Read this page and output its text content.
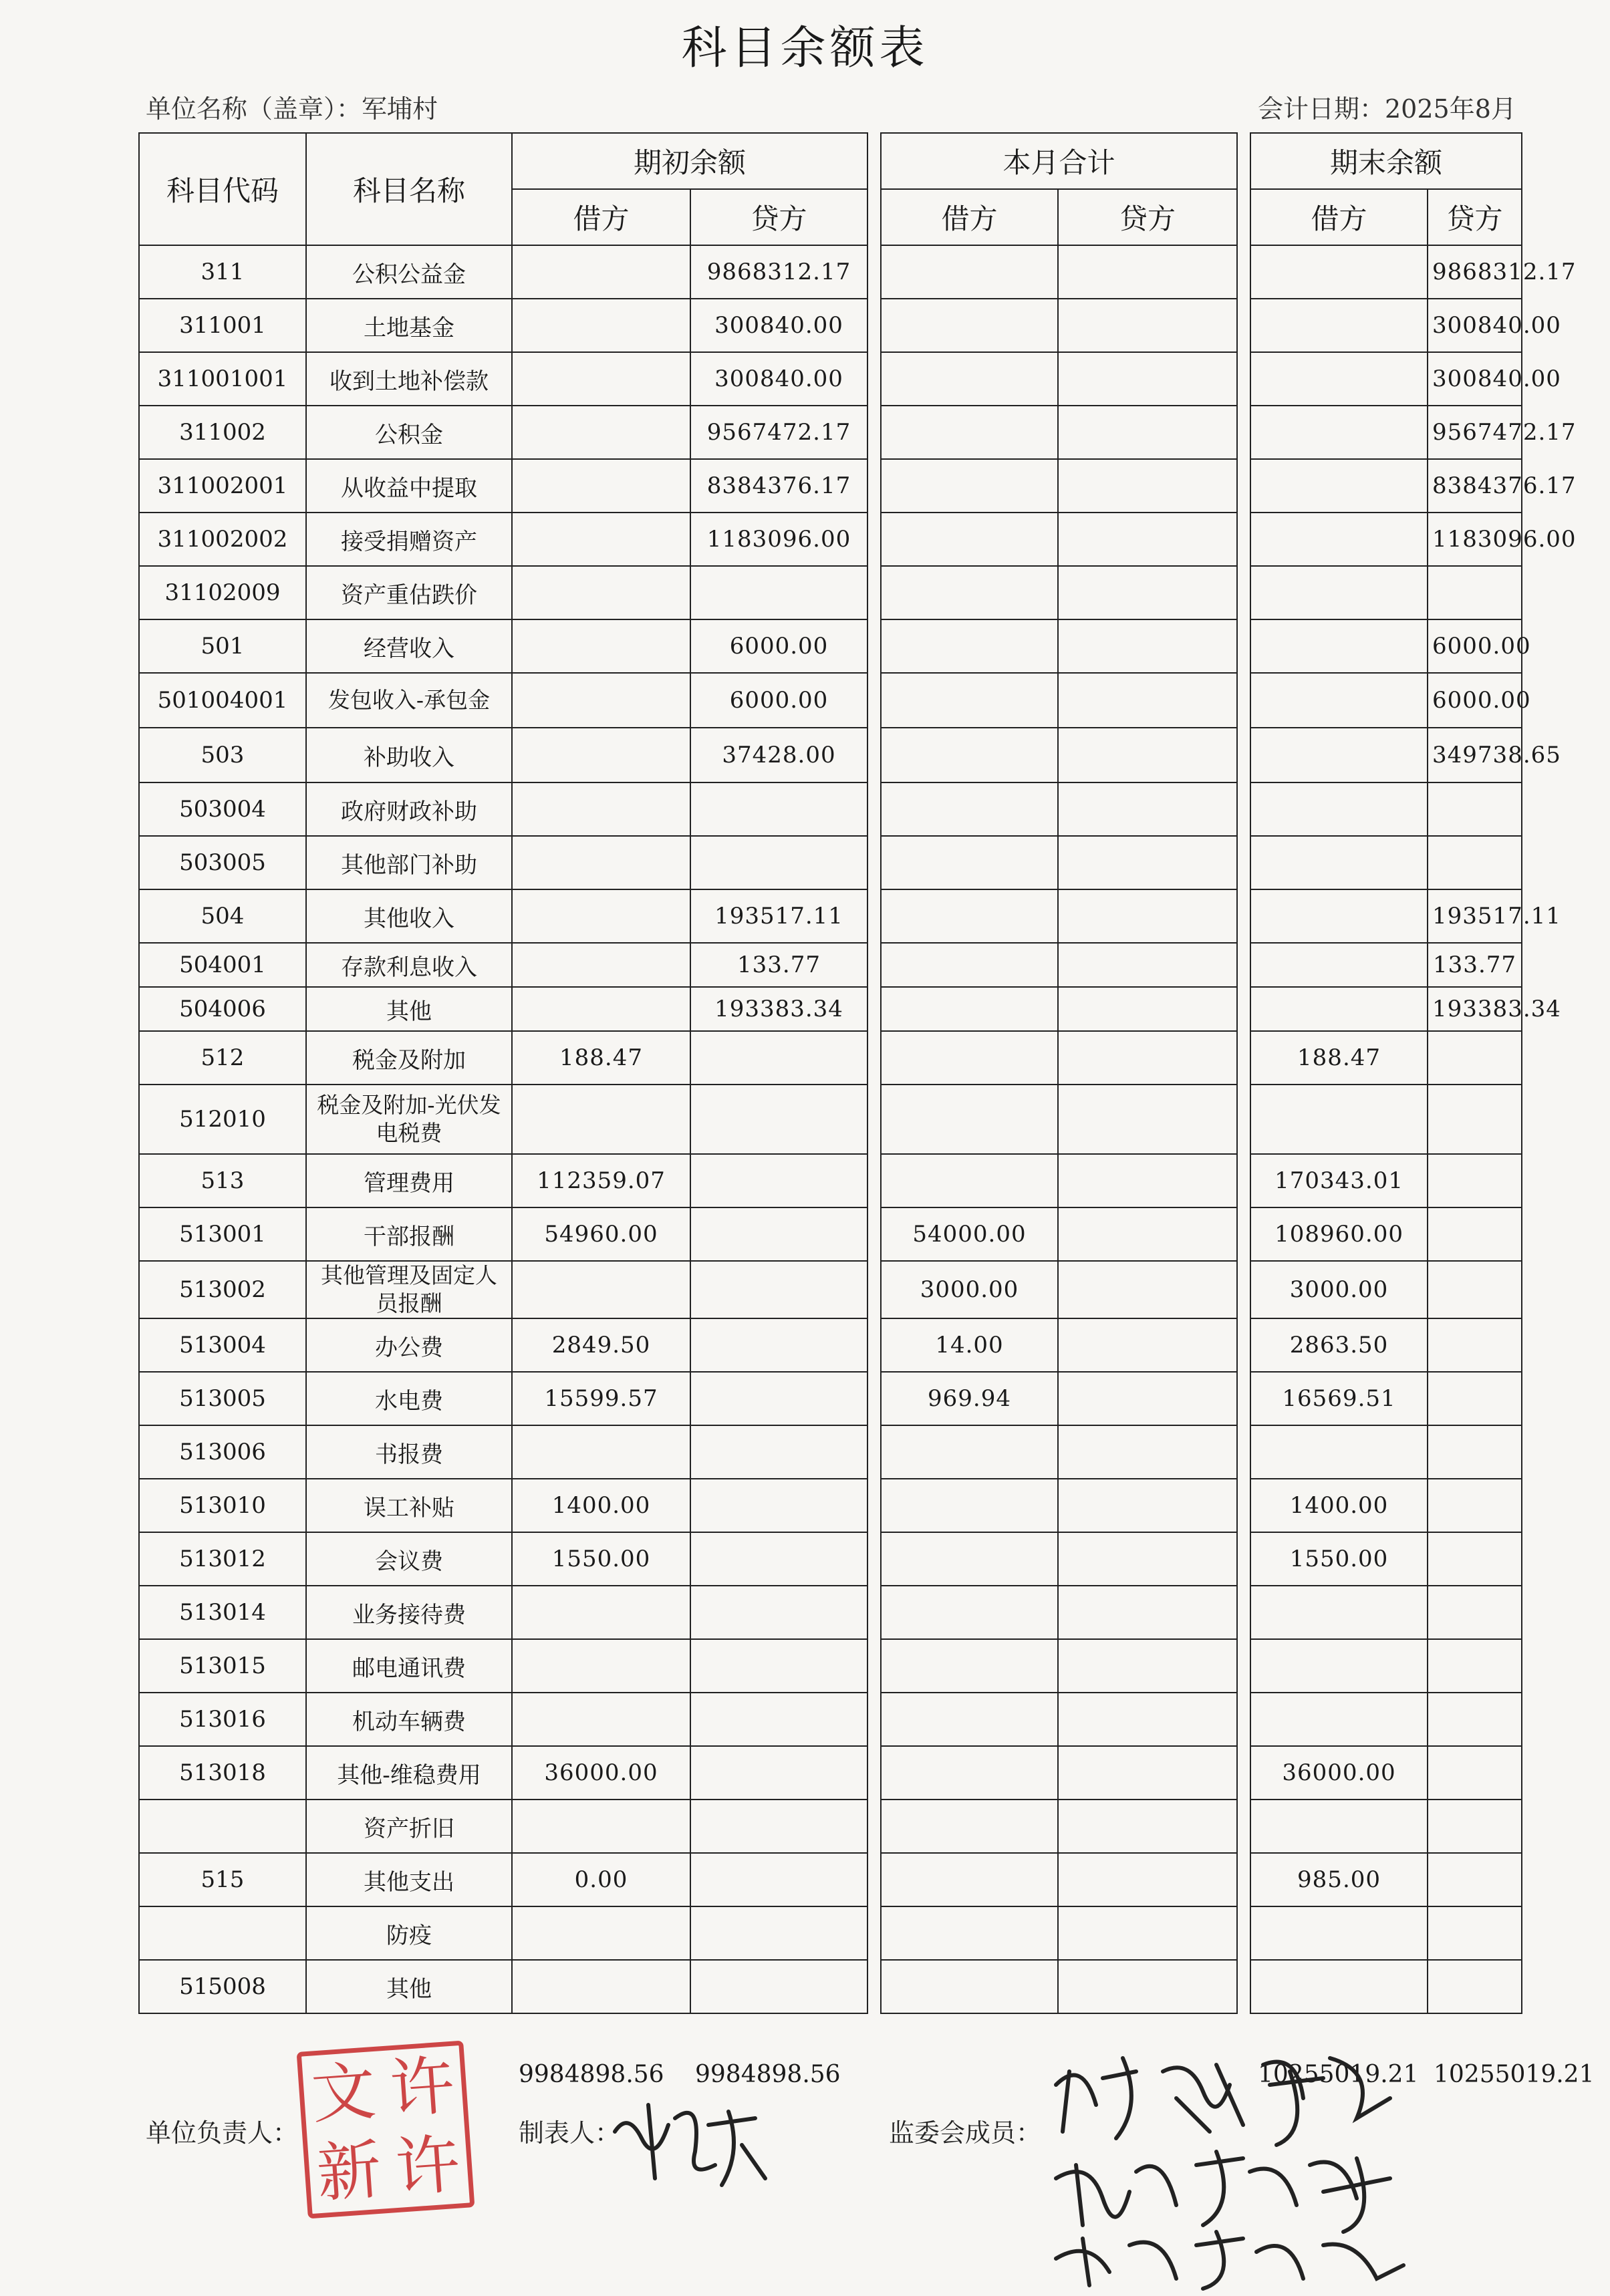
科目余额表
单位名称（盖章）：军埔村	会计日期：2025年8月
科目代码	科目名称	期初余额			本月合计			期末余额	
		借方	贷方		借方	贷方		借方	贷方
311	公积公益金		9868312.17						9868312.17
311001	土地基金		300840.00						300840.00
311001001	收到土地补偿款		300840.00						300840.00
311002	公积金		9567472.17						9567472.17
311002001	从收益中提取		8384376.17						8384376.17
311002002	接受捐赠资产		1183096.00						1183096.00
31102009	资产重估跌价								
501	经营收入		6000.00						6000.00
501004001	发包收入-承包金		6000.00						6000.00
503	补助收入		37428.00						349738.65
503004	政府财政补助								
503005	其他部门补助								
504	其他收入		193517.11						193517.11
504001	存款利息收入		133.77						133.77
504006	其他		193383.34						193383.34
512	税金及附加	188.47						188.47	
512010	税金及附加-光伏发电税费								
513	管理费用	112359.07						170343.01	
513001	干部报酬	54960.00			54000.00			108960.00	
513002	其他管理及固定人员报酬				3000.00			3000.00	
513004	办公费	2849.50			14.00			2863.50	
513005	水电费	15599.57			969.94			16569.51	
513006	书报费								
513010	误工补贴	1400.00						1400.00	
513012	会议费	1550.00						1550.00	
513014	业务接待费								
513015	邮电通讯费								
513016	机动车辆费								
513018	其他-维稳费用	36000.00						36000.00	
	资产折旧								
515	其他支出	0.00						985.00	
	防疫								
515008	其他								
9984898.56 9984898.56	10255019.21 10255019.21
单位负责人：
文 许
新 许 制表人：	监委会成员：
